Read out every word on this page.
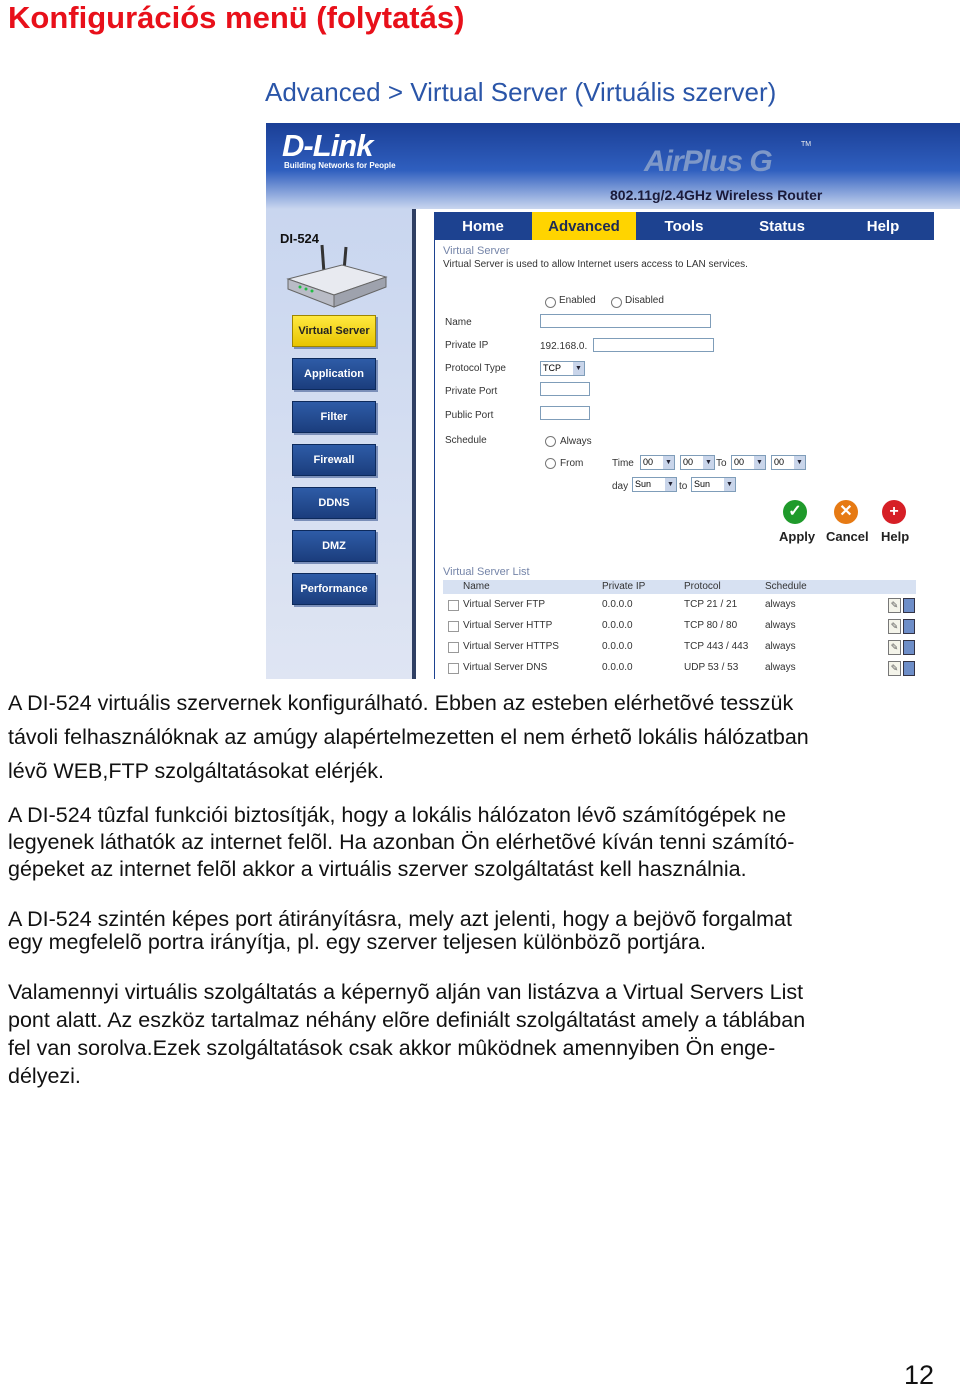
Konfigurációs menü (folytatás)
Advanced > Virtual Server (Virtuális szerver)
D-Link
Building Networks for People	AirPlus G
TM
802.11g/2.4GHz Wireless Router
DI-524
Virtual Server
Application
Filter
Firewall
DDNS
DMZ
Performance
Home	Advanced	Tools	Status	Help
Virtual Server
Virtual Server is used to allow Internet users access to LAN services.
Enabled	Disabled
Name
Private IP	192.168.0.
Protocol Type	TCP ▼
Private Port
Public Port
Schedule	Always
From	Time	00 ▼	00 ▼ To 00 ▼	00 ▼
day Sun ▼ to Sun ▼
✓
Apply
✕
Cancel
+
Help
Virtual Server List
Name	Private IP	Protocol	Schedule
Virtual Server FTP	0.0.0.0	TCP 21 / 21	always	✎
Virtual Server HTTP	0.0.0.0	TCP 80 / 80	always	✎
Virtual Server HTTPS	0.0.0.0	TCP 443 / 443 always	✎
Virtual Server DNS	0.0.0.0	UDP 53 / 53	always	✎
A DI-524 virtuális szervernek konfigurálható. Ebben az esteben elérhetõvé tesszük
távoli felhasználóknak az amúgy alapértelmezetten el nem érhetõ lokális hálózatban
lévõ WEB,FTP szolgáltatásokat elérjék.
A DI-524 tûzfal funkciói biztosítják, hogy a lokális hálózaton lévõ számítógépek ne
legyenek láthatók az internet felõl. Ha azonban Ön elérhetõvé kíván tenni számító-
gépeket az internet felõl akkor a virtuális szerver szolgáltatást kell használnia.
A DI-524 szintén képes port átirányításra, mely azt jelenti, hogy a bejövõ forgalmat
egy megfelelõ portra irányítja, pl. egy szerver teljesen különbözõ portjára.
Valamennyi virtuális szolgáltatás a képernyõ alján van listázva a Virtual Servers List
pont alatt. Az eszköz tartalmaz néhány elõre definiált szolgáltatást amely a táblában
fel van sorolva.Ezek szolgáltatások csak akkor mûködnek amennyiben Ön enge-
délyezi.
12
